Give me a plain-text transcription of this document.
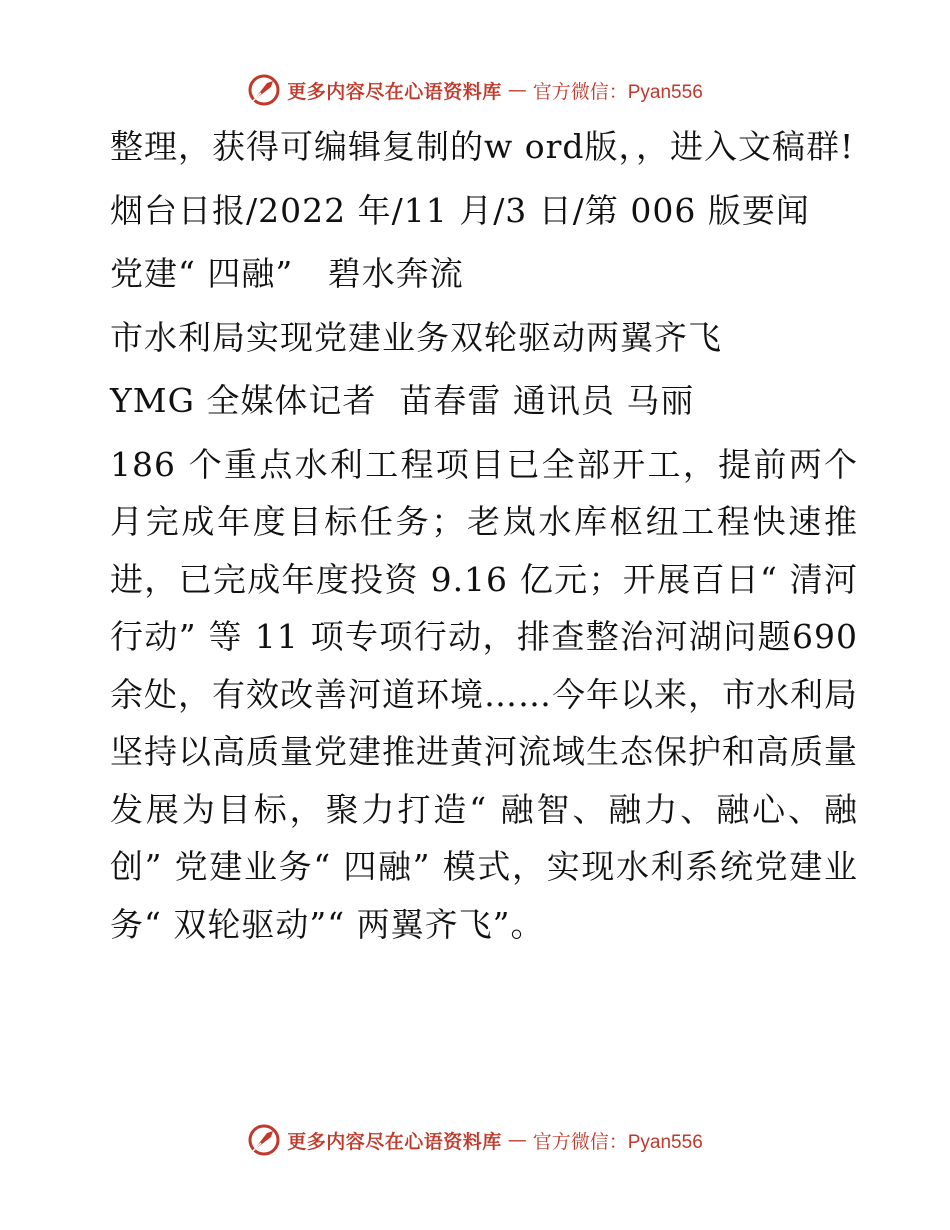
更多内容尽在心语资料库 — 官方微信：Pyan556

整理，获得可编辑复制的w ord版，，进入文稿群!

烟台日报/2022 年/11 月/3 日/第 006 版要闻

党建“ 四融”   碧水奔流

市水利局实现党建业务双轮驱动两翼齐飞

YMG 全媒体记者  苗春雷 通讯员 马丽

186 个重点水利工程项目已全部开工，提前两个月完成年度目标任务；老岚水库枢纽工程快速推进，已完成年度投资 9.16 亿元；开展百日“ 清河行动” 等 11 项专项行动，排查整治河湖问题690 余处，有效改善河道环境……今年以来，市水利局坚持以高质量党建推进黄河流域生态保护和高质量发展为目标，聚力打造“ 融智、融力、融心、融创” 党建业务“ 四融” 模式，实现水利系统党建业务“ 双轮驱动”“ 两翼齐飞”。

更多内容尽在心语资料库 — 官方微信：Pyan556
